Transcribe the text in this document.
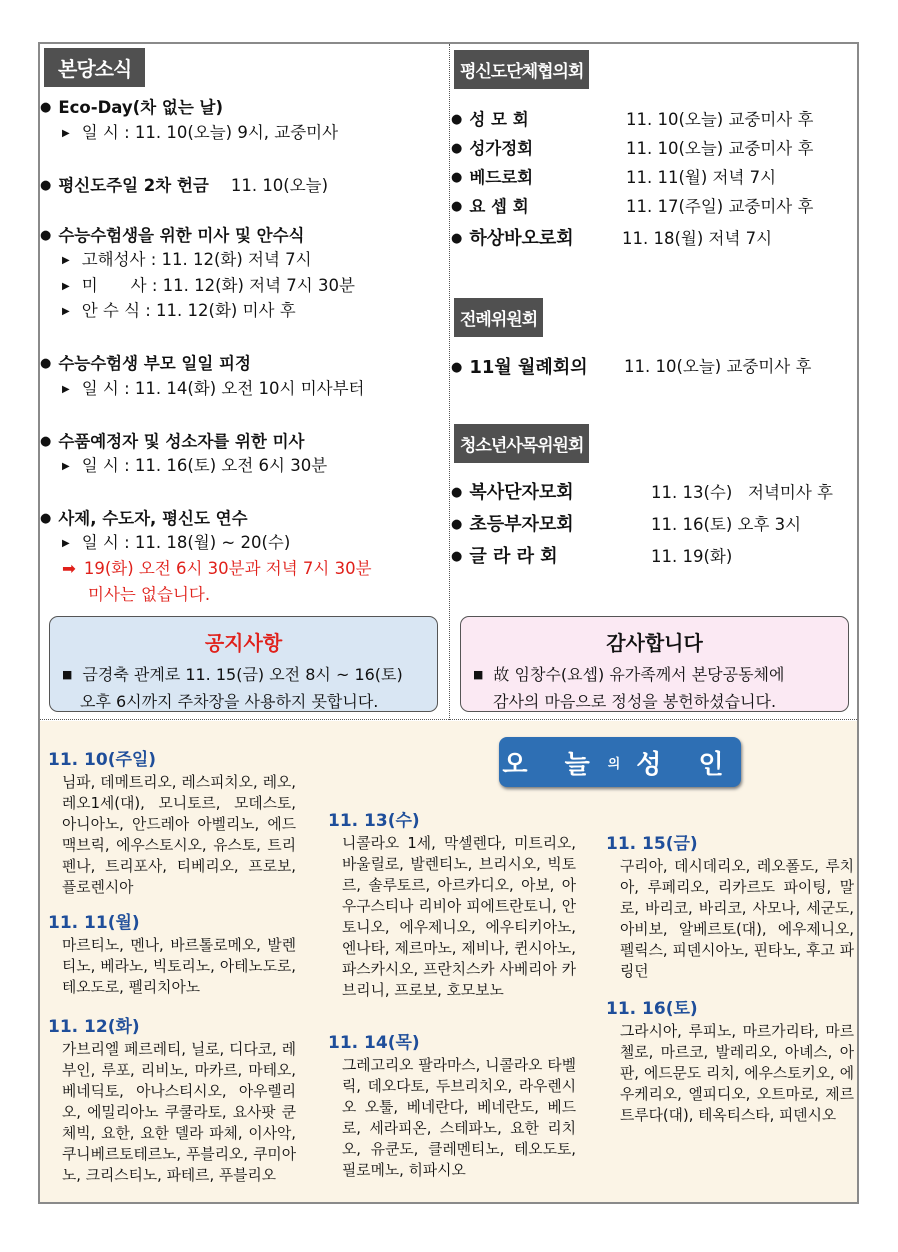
본당소식
● Eco-Day(차 없는 날)
▶ 일 시 : 11. 10(오늘) 9시, 교중미사
● 평신도주일 2차 헌금 11. 10(오늘)
● 수능수험생을 위한 미사 및 안수식
▶ 고해성사 : 11. 12(화) 저녁 7시
▶ 미　　사 : 11. 12(화) 저녁 7시 30분
▶ 안 수 식 : 11. 12(화) 미사 후
● 수능수험생 부모 일일 피정
▶ 일 시 : 11. 14(화) 오전 10시 미사부터
● 수품예정자 및 성소자를 위한 미사
▶ 일 시 : 11. 16(토) 오전 6시 30분
● 사제, 수도자, 평신도 연수
▶ 일 시 : 11. 18(월) ~ 20(수)
➡ 19(화) 오전 6시 30분과 저녁 7시 30분
미사는 없습니다.
평신도단체협의회
● 성 모 회	11. 10(오늘) 교중미사 후
● 성가정회	11. 10(오늘) 교중미사 후
● 베드로회	11. 11(월) 저녁 7시
● 요 셉 회	11. 17(주일) 교중미사 후
● 하상바오로회	11. 18(월) 저녁 7시
전례위원회
● 11월 월례회의 11. 10(오늘) 교중미사 후
청소년사목위원회
● 복사단자모회	11. 13(수)   저녁미사 후
● 초등부자모회	11. 16(토) 오후 3시
● 글 라 라 회	11. 19(화)
공지사항
■ 금경축 관계로 11. 15(금) 오전 8시 ~ 16(토)
오후 6시까지 주차장을 사용하지 못합니다.
감사합니다
■ 故 임창수(요셉) 유가족께서 본당공동체에
감사의 마음으로 정성을 봉헌하셨습니다.
오 늘 의 성 인
11. 10(주일)
님파, 데메트리오, 레스피치오, 레오, 레오1세(대), 모니토르, 모데스토, 아니아노, 안드레아 아벨리노, 에드 맥브릭, 에우스토시오, 유스토, 트리펜나, 트리포사, 티베리오, 프로보, 플로렌시아
11. 11(월)
마르티노, 멘나, 바르톨로메오, 발렌티노, 베라노, 빅토리노, 아테노도로, 테오도로, 펠리치아노
11. 12(화)
가브리엘 페르레티, 닐로, 디다코, 레부인, 루포, 리비노, 마카르, 마테오, 베네딕토, 아나스티시오, 아우렐리오, 에밀리아노 쿠쿨라토, 요사팟 쿤체빅, 요한, 요한 델라 파체, 이사악, 쿠니베르토테르노, 푸블리오, 쿠미아노, 크리스티노, 파테르, 푸블리오
11. 13(수)
니콜라오 1세, 막셀렌다, 미트리오, 바울릴로, 발렌티노, 브리시오, 빅토르, 솔루토르, 아르카디오, 아보, 아우구스티나 리비아 피에트란토니, 안토니오, 에우제니오, 에우티키아노, 엔나타, 제르마노, 제비나, 퀸시아노, 파스카시오, 프란치스카 사베리아 카브리니, 프로보, 호모보노
11. 14(목)
그레고리오 팔라마스, 니콜라오 타벨릭, 데오다토, 두브리치오, 라우렌시오 오툴, 베네란다, 베네란도, 베드로, 세라피온, 스테파노, 요한 리치오, 유쿤도, 클레멘티노, 테오도토, 필로메노, 히파시오
11. 15(금)
구리아, 데시데리오, 레오폴도, 루치아, 루페리오, 리카르도 파이팅, 말로, 바리코, 바리코, 사모나, 세군도, 아비보, 알베르토(대), 에우제니오, 펠릭스, 피덴시아노, 핀타노, 후고 파링던
11. 16(토)
그라시아, 루피노, 마르가리타, 마르첼로, 마르코, 발레리오, 아녜스, 아판, 에드문도 리치, 에우스토키오, 에우케리오, 엘피디오, 오트마로, 제르트루다(대), 테옥티스타, 피덴시오
